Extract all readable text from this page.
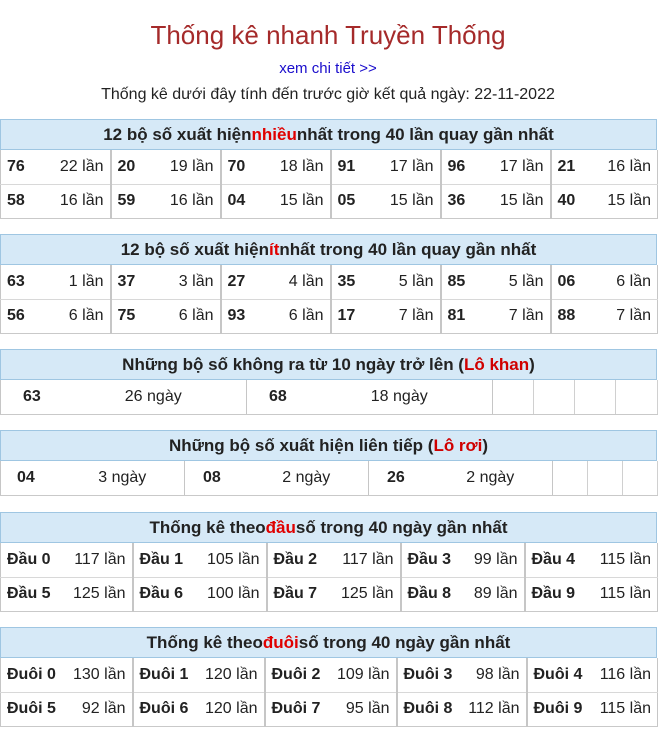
Thống kê nhanh Truyền Thống
xem chi tiết >>
Thống kê dưới đây tính đến trước giờ kết quả ngày: 22-11-2022
12 bộ số xuất hiện nhiều nhất trong 40 lần quay gần nhất
76	22 lần	20	19 lần	70	18 lần	91	17 lần	96	17 lần	21	16 lần
58	16 lần	59	16 lần	04	15 lần	05	15 lần	36	15 lần	40	15 lần
12 bộ số xuất hiện ít nhất trong 40 lần quay gần nhất
63	1 lần	37	3 lần	27	4 lần	35	5 lần	85	5 lần	06	6 lần
56	6 lần	75	6 lần	93	6 lần	17	7 lần	81	7 lần	88	7 lần
Những bộ số không ra từ 10 ngày trở lên ( Lô khan )
63	26 ngày	68	18 ngày				
Những bộ số xuất hiện liên tiếp ( Lô rơi )
04	3 ngày	08	2 ngày	26	2 ngày			
Thống kê theo đầu số trong 40 ngày gần nhất
Đầu 0	117 lần	Đầu 1	105 lần	Đầu 2	117 lần	Đầu 3	99 lần	Đầu 4	115 lần
Đầu 5	125 lần	Đầu 6	100 lần	Đầu 7	125 lần	Đầu 8	89 lần	Đầu 9	115 lần
Thống kê theo đuôi số trong 40 ngày gần nhất
Đuôi 0	130 lần	Đuôi 1	120 lần	Đuôi 2	109 lần	Đuôi 3	98 lần	Đuôi 4	116 lần
Đuôi 5	92 lần	Đuôi 6	120 lần	Đuôi 7	95 lần	Đuôi 8	112 lần	Đuôi 9	115 lần
